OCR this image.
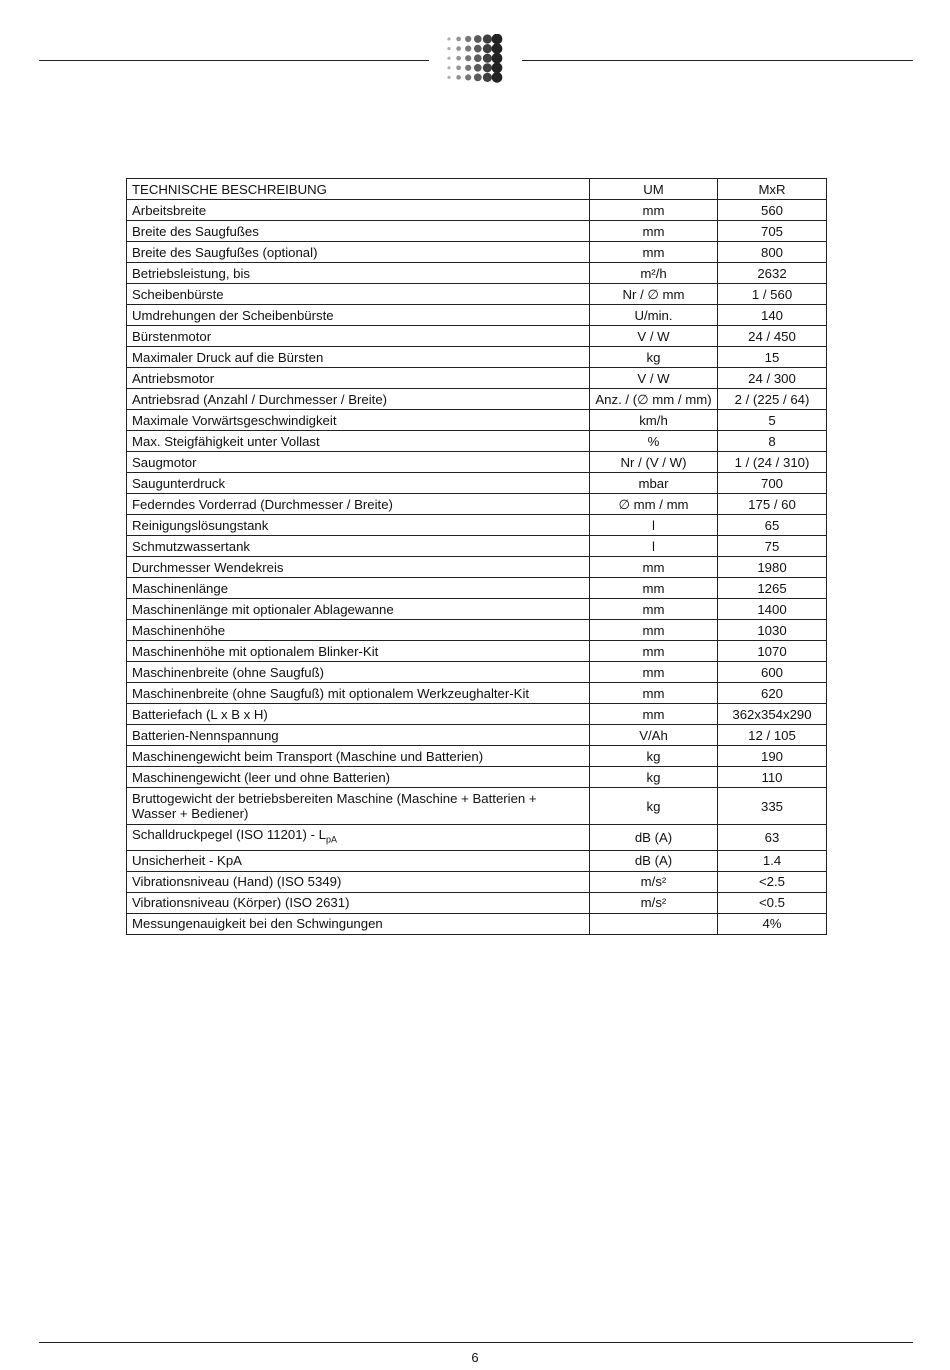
TECHNISCHE BESCHREIBUNG	UM	MxR
Arbeitsbreite	mm	560
Breite des Saugfußes	mm	705
Breite des Saugfußes (optional)	mm	800
Betriebsleistung, bis	m²/h	2632
Scheibenbürste	Nr / ∅ mm	1 / 560
Umdrehungen der Scheibenbürste	U/min.	140
Bürstenmotor	V / W	24 / 450
Maximaler Druck auf die Bürsten	kg	15
Antriebsmotor	V / W	24 / 300
Antriebsrad (Anzahl / Durchmesser / Breite)	Anz. / (∅ mm / mm)	2 / (225 / 64)
Maximale Vorwärtsgeschwindigkeit	km/h	5
Max. Steigfähigkeit unter Vollast	%	8
Saugmotor	Nr / (V / W)	1 / (24 / 310)
Saugunterdruck	mbar	700
Federndes Vorderrad (Durchmesser / Breite)	∅ mm / mm	175 / 60
Reinigungslösungstank	l	65
Schmutzwassertank	l	75
Durchmesser Wendekreis	mm	1980
Maschinenlänge	mm	1265
Maschinenlänge mit optionaler Ablagewanne	mm	1400
Maschinenhöhe	mm	1030
Maschinenhöhe mit optionalem Blinker-Kit	mm	1070
Maschinenbreite (ohne Saugfuß)	mm	600
Maschinenbreite (ohne Saugfuß) mit optionalem Werkzeughalter-Kit	mm	620
Batteriefach (L x B x H)	mm	362x354x290
Batterien-Nennspannung	V/Ah	12 / 105
Maschinengewicht beim Transport (Maschine und Batterien)	kg	190
Maschinengewicht (leer und ohne Batterien)	kg	110
Bruttogewicht der betriebsbereiten Maschine (Maschine + Batterien + Wasser + Bediener)	kg	335
Schalldruckpegel (ISO $11201) - L_{pA}$	dB (A)	63
Unsicherheit - KpA	dB (A)	1.4
Vibrationsniveau (Hand) (ISO 5349)	m/s²	<2.5
Vibrationsniveau (Körper) (ISO 2631)	m/s²	<0.5
Messungenauigkeit bei den Schwingungen		4%
6
